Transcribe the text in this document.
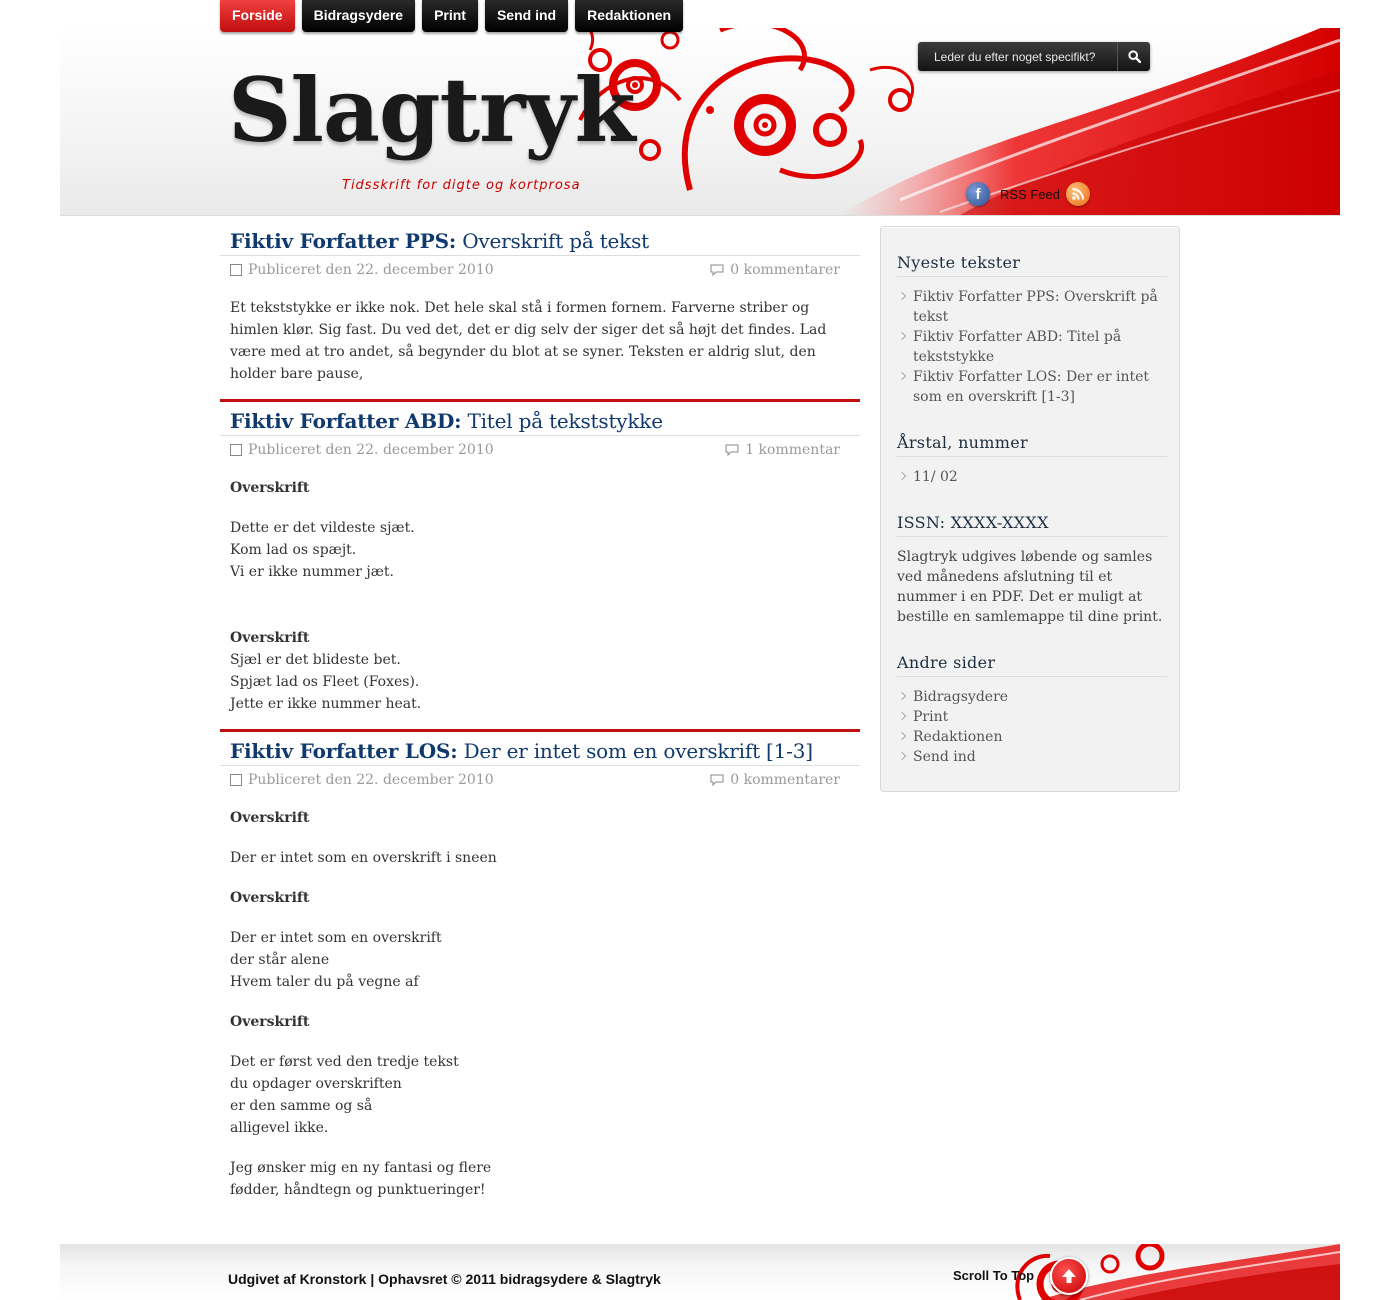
Forside	Bidragsydere	Print	Send ind	Redaktionen
Slagtryk
Tidsskrift for digte og kortprosa
Leder du efter noget specifikt?	f	RSS Feed
Fiktiv Forfatter PPS: Overskrift på tekst
Publiceret den 22. december 2010	0 kommentarer

Et tekststykke er ikke nok. Det hele skal stå i formen fornem. Farverne striber og himlen klør. Sig fast. Du ved det, det er dig selv der siger det så højt det findes. Lad være med at tro andet, så begynder du blot at se syner. Teksten er aldrig slut, den holder bare pause,

Fiktiv Forfatter ABD: Titel på tekststykke
Publiceret den 22. december 2010	1 kommentar

Overskrift

Dette er det vildeste sjæt.
Kom lad os spæjt.
Vi er ikke nummer jæt.

Overskrift
Sjæl er det blideste bet.
Spjæt lad os Fleet (Foxes).
Jette er ikke nummer heat.

Fiktiv Forfatter LOS: Der er intet som en overskrift [1-3]
Publiceret den 22. december 2010	0 kommentarer

Overskrift

Der er intet som en overskrift i sneen

Overskrift

Der er intet som en overskrift
der står alene
Hvem taler du på vegne af

Overskrift

Det er først ved den tredje tekst
du opdager overskriften
er den samme og så
alligevel ikke.

Jeg ønsker mig en ny fantasi og flere
fødder, håndtegn og punktueringer!

Nyeste tekster
Fiktiv Forfatter PPS: Overskrift på tekst
Fiktiv Forfatter ABD: Titel på tekststykke
Fiktiv Forfatter LOS: Der er intet som en overskrift [1-3]
Årstal, nummer
11/ 02
ISSN: XXXX-XXXX

Slagtryk udgives løbende og samles ved månedens afslutning til et nummer i en PDF. Det er muligt at bestille en samlemappe til dine print.

Andre sider
Bidragsydere
Print
Redaktionen
Send ind
Udgivet af Kronstork | Ophavsret © 2011 bidragsydere & Slagtryk	Scroll To Top
